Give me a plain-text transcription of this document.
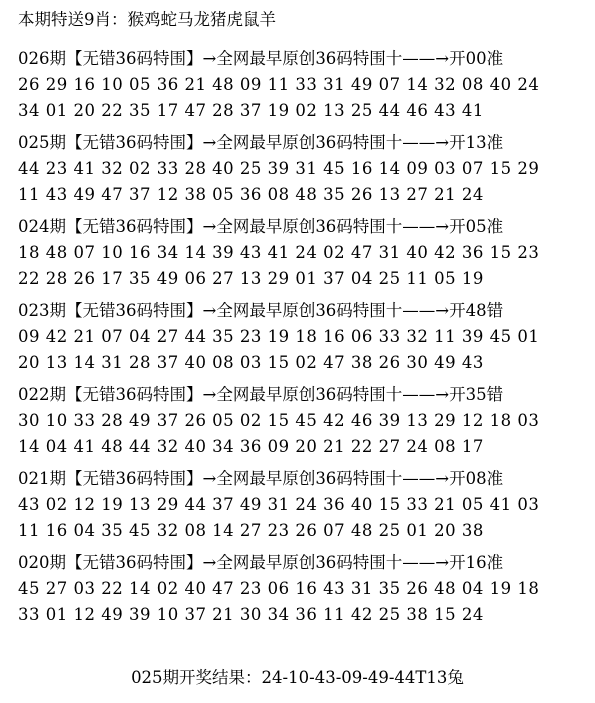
本期特送9肖：猴鸡蛇马龙猪虎鼠羊
026期【无错36码特围】→全网最早原创36码特围十——→开00准
26 29 16 10 05 36 21 48 09 11 33 31 49 07 14 32 08 40 24
34 01 20 22 35 17 47 28 37 19 02 13 25 44 46 43 41
025期【无错36码特围】→全网最早原创36码特围十——→开13准
44 23 41 32 02 33 28 40 25 39 31 45 16 14 09 03 07 15 29
11 43 49 47 37 12 38 05 36 08 48 35 26 13 27 21 24
024期【无错36码特围】→全网最早原创36码特围十——→开05准
18 48 07 10 16 34 14 39 43 41 24 02 47 31 40 42 36 15 23
22 28 26 17 35 49 06 27 13 29 01 37 04 25 11 05 19
023期【无错36码特围】→全网最早原创36码特围十——→开48错
09 42 21 07 04 27 44 35 23 19 18 16 06 33 32 11 39 45 01
20 13 14 31 28 37 40 08 03 15 02 47 38 26 30 49 43
022期【无错36码特围】→全网最早原创36码特围十——→开35错
30 10 33 28 49 37 26 05 02 15 45 42 46 39 13 29 12 18 03
14 04 41 48 44 32 40 34 36 09 20 21 22 27 24 08 17
021期【无错36码特围】→全网最早原创36码特围十——→开08准
43 02 12 19 13 29 44 37 49 31 24 36 40 15 33 21 05 41 03
11 16 04 35 45 32 08 14 27 23 26 07 48 25 01 20 38
020期【无错36码特围】→全网最早原创36码特围十——→开16准
45 27 03 22 14 02 40 47 23 06 16 43 31 35 26 48 04 19 18
33 01 12 49 39 10 37 21 30 34 36 11 42 25 38 15 24
025期开奖结果：24-10-43-09-49-44T13兔
